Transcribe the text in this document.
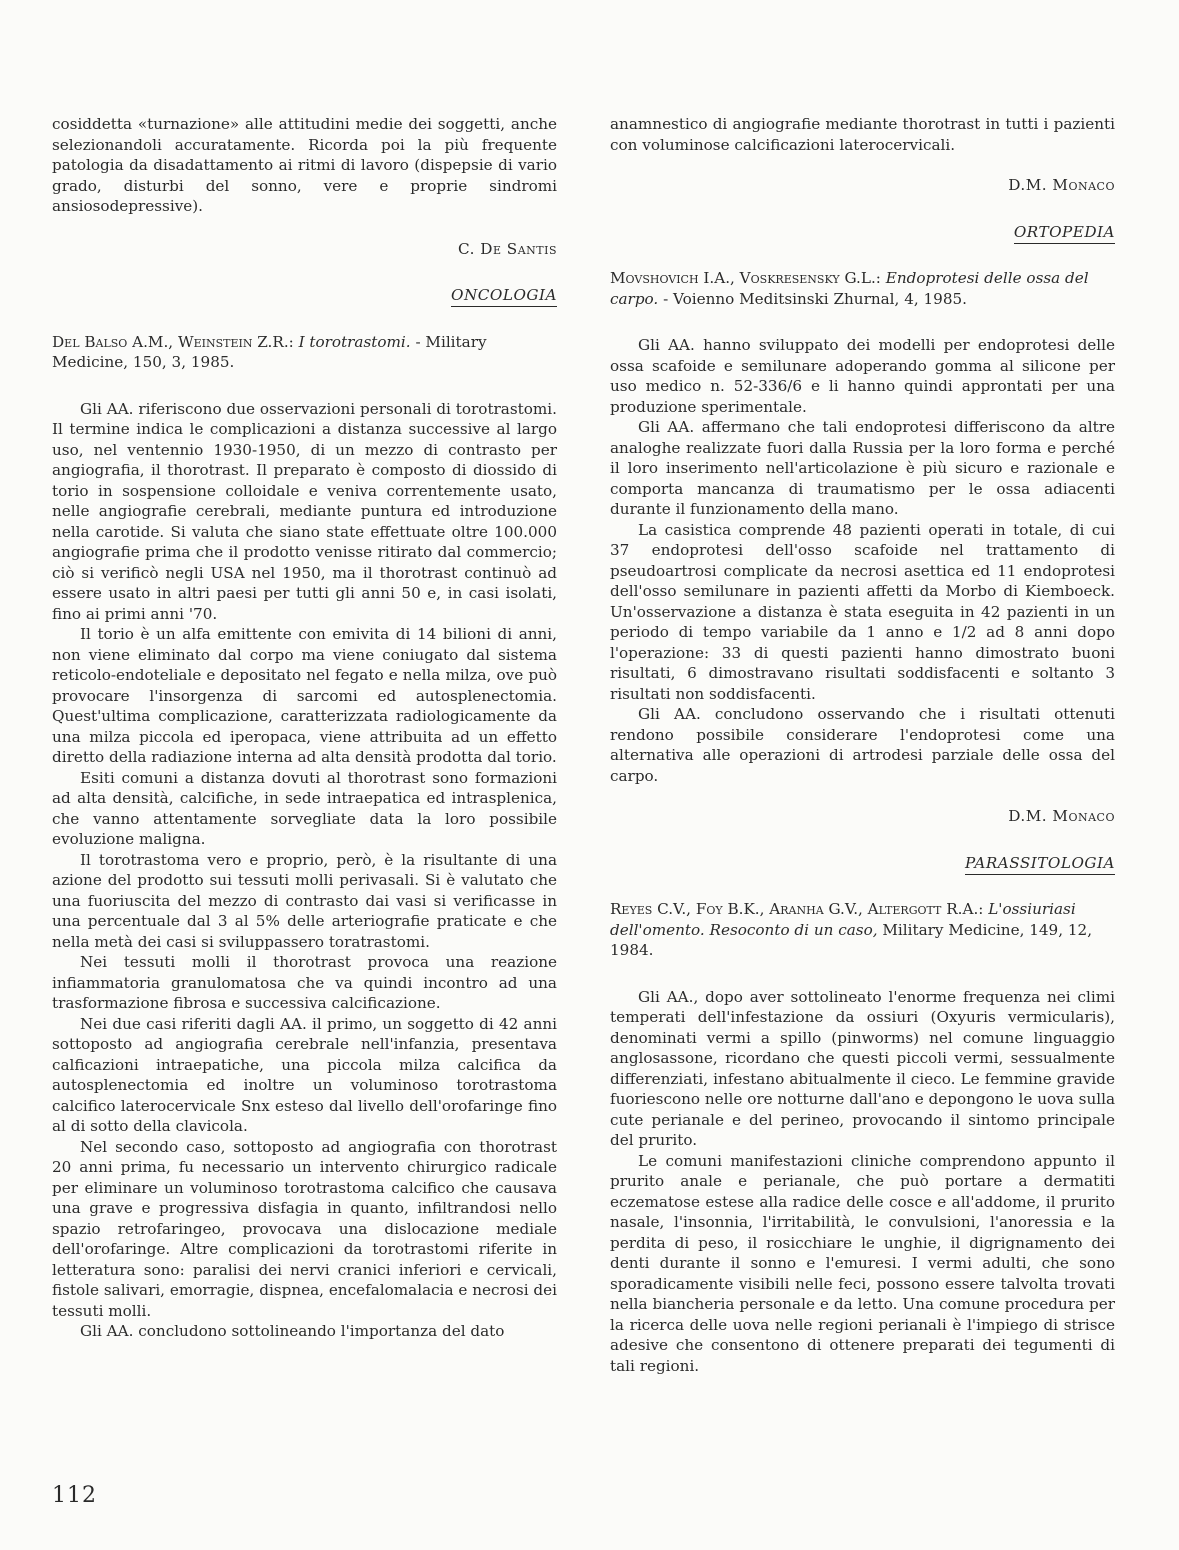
cosiddetta «turnazione» alle attitudini medie dei soggetti, anche selezionandoli accuratamente. Ricorda poi la più frequente patologia da disadattamento ai ritmi di lavoro (dispepsie di vario grado, disturbi del sonno, vere e proprie sindromi ansiosodepressive).

C. De Santis
ONCOLOGIA

Del Balso A.M., Weinstein Z.R.: I torotrastomi. - Military Medicine, 150, 3, 1985.

Gli AA. riferiscono due osservazioni personali di torotrastomi. Il termine indica le complicazioni a distanza successive al largo uso, nel ventennio 1930-1950, di un mezzo di contrasto per angiografia, il thorotrast. Il preparato è composto di diossido di torio in sospensione colloidale e veniva correntemente usato, nelle angiografie cerebrali, mediante puntura ed introduzione nella carotide. Si valuta che siano state effettuate oltre 100.000 angiografie prima che il prodotto venisse ritirato dal commercio; ciò si verificò negli USA nel 1950, ma il thorotrast continuò ad essere usato in altri paesi per tutti gli anni 50 e, in casi isolati, fino ai primi anni '70.

Il torio è un alfa emittente con emivita di 14 bilioni di anni, non viene eliminato dal corpo ma viene coniugato dal sistema reticolo-endoteliale e depositato nel fegato e nella milza, ove può provocare l'insorgenza di sarcomi ed autosplenectomia. Quest'ultima complicazione, caratterizzata radiologicamente da una milza piccola ed iperopaca, viene attribuita ad un effetto diretto della radiazione interna ad alta densità prodotta dal torio.

Esiti comuni a distanza dovuti al thorotrast sono formazioni ad alta densità, calcifiche, in sede intraepatica ed intrasplenica, che vanno attentamente sorvegliate data la loro possibile evoluzione maligna.

Il torotrastoma vero e proprio, però, è la risultante di una azione del prodotto sui tessuti molli perivasali. Si è valutato che una fuoriuscita del mezzo di contrasto dai vasi si verificasse in una percentuale dal 3 al 5% delle arteriografie praticate e che nella metà dei casi si sviluppassero toratrastomi.

Nei tessuti molli il thorotrast provoca una reazione infiammatoria granulomatosa che va quindi incontro ad una trasformazione fibrosa e successiva calcificazione.

Nei due casi riferiti dagli AA. il primo, un soggetto di 42 anni sottoposto ad angiografia cerebrale nell'infanzia, presentava calficazioni intraepatiche, una piccola milza calcifica da autosplenectomia ed inoltre un voluminoso torotrastoma calcifico laterocervicale Snx esteso dal livello dell'orofaringe fino al di sotto della clavicola.

Nel secondo caso, sottoposto ad angiografia con thorotrast 20 anni prima, fu necessario un intervento chirurgico radicale per eliminare un voluminoso torotrastoma calcifico che causava una grave e progressiva disfagia in quanto, infiltrandosi nello spazio retrofaringeo, provocava una dislocazione mediale dell'orofaringe. Altre complicazioni da torotrastomi riferite in letteratura sono: paralisi dei nervi cranici inferiori e cervicali, fistole salivari, emorragie, dispnea, encefalomalacia e necrosi dei tessuti molli.

Gli AA. concludono sottolineando l'importanza del dato

anamnestico di angiografie mediante thorotrast in tutti i pazienti con voluminose calcificazioni laterocervicali.

D.M. Monaco
ORTOPEDIA

Movshovich I.A., Voskresensky G.L.: Endoprotesi delle ossa del carpo. - Voienno Meditsinski Zhurnal, 4, 1985.

Gli AA. hanno sviluppato dei modelli per endoprotesi delle ossa scafoide e semilunare adoperando gomma al silicone per uso medico n. 52-336/6 e li hanno quindi approntati per una produzione sperimentale.

Gli AA. affermano che tali endoprotesi differiscono da altre analoghe realizzate fuori dalla Russia per la loro forma e perché il loro inserimento nell'articolazione è più sicuro e razionale e comporta mancanza di traumatismo per le ossa adiacenti durante il funzionamento della mano.

La casistica comprende 48 pazienti operati in totale, di cui 37 endoprotesi dell'osso scafoide nel trattamento di pseudoartrosi complicate da necrosi asettica ed 11 endoprotesi dell'osso semilunare in pazienti affetti da Morbo di Kiemboeck. Un'osservazione a distanza è stata eseguita in 42 pazienti in un periodo di tempo variabile da 1 anno e 1/2 ad 8 anni dopo l'operazione: 33 di questi pazienti hanno dimostrato buoni risultati, 6 dimostravano risultati soddisfacenti e soltanto 3 risultati non soddisfacenti.

Gli AA. concludono osservando che i risultati ottenuti rendono possibile considerare l'endoprotesi come una alternativa alle operazioni di artrodesi parziale delle ossa del carpo.

D.M. Monaco
PARASSITOLOGIA

Reyes C.V., Foy B.K., Aranha G.V., Altergott R.A.: L'ossiuriasi dell'omento. Resoconto di un caso, Military Medicine, 149, 12, 1984.

Gli AA., dopo aver sottolineato l'enorme frequenza nei climi temperati dell'infestazione da ossiuri (Oxyuris vermicularis), denominati vermi a spillo (pinworms) nel comune linguaggio anglosassone, ricordano che questi piccoli vermi, sessualmente differenziati, infestano abitualmente il cieco. Le femmine gravide fuoriescono nelle ore notturne dall'ano e depongono le uova sulla cute perianale e del perineo, provocando il sintomo principale del prurito.

Le comuni manifestazioni cliniche comprendono appunto il prurito anale e perianale, che può portare a dermatiti eczematose estese alla radice delle cosce e all'addome, il prurito nasale, l'insonnia, l'irritabilità, le convulsioni, l'anoressia e la perdita di peso, il rosicchiare le unghie, il digrignamento dei denti durante il sonno e l'emuresi. I vermi adulti, che sono sporadicamente visibili nelle feci, possono essere talvolta trovati nella biancheria personale e da letto. Una comune procedura per la ricerca delle uova nelle regioni perianali è l'impiego di strisce adesive che consentono di ottenere preparati dei tegumenti di tali regioni.

112
